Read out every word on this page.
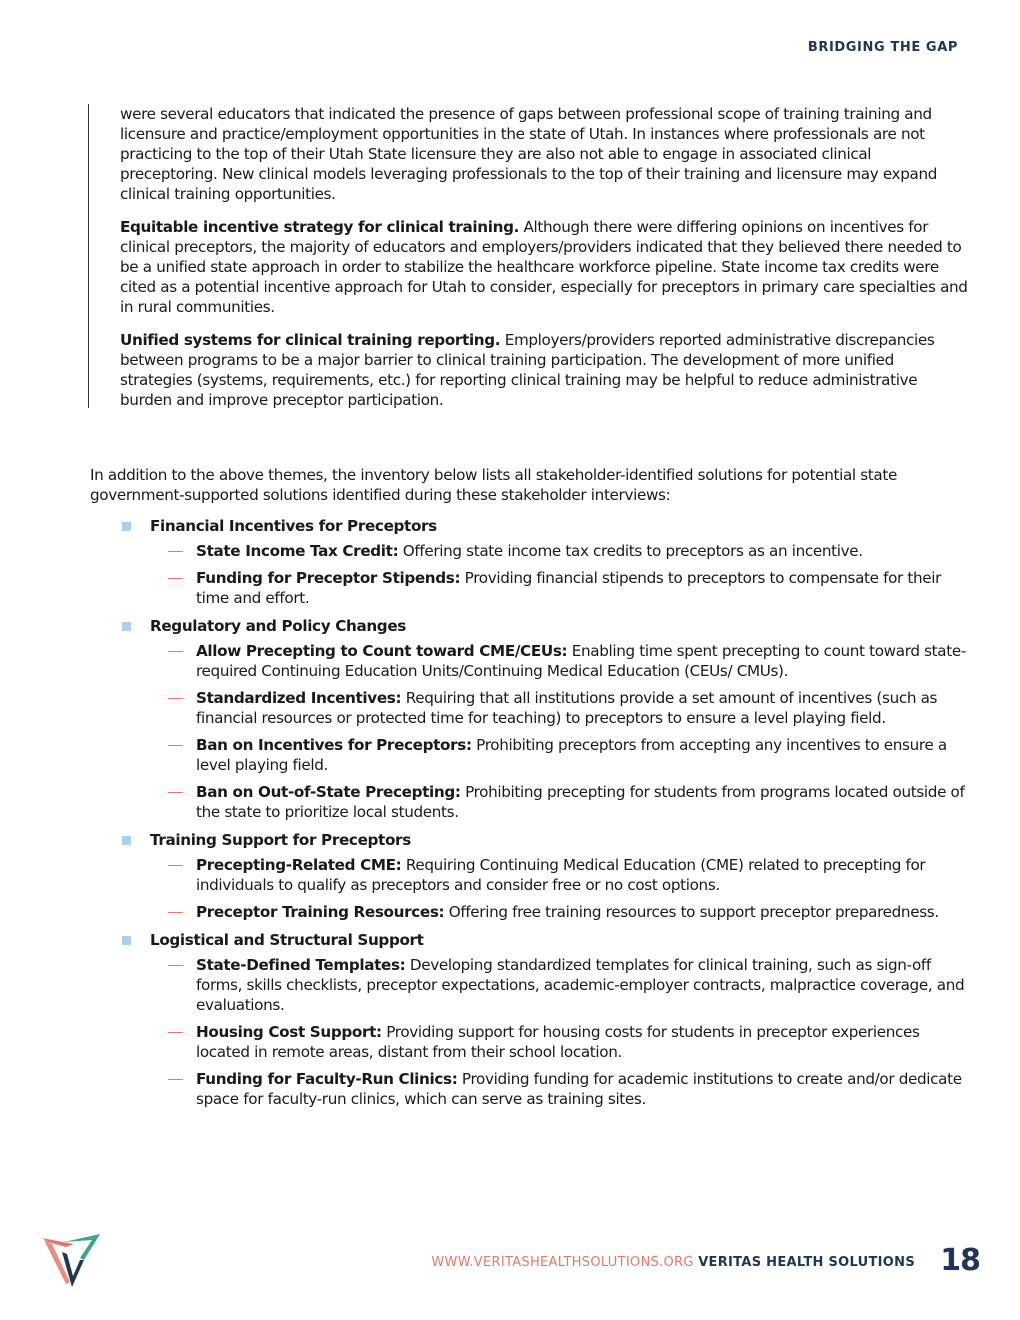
BRIDGING THE GAP

were several educators that indicated the presence of gaps between professional scope of training training and licensure and practice/employment opportunities in the state of Utah. In instances where professionals are not practicing to the top of their Utah State licensure they are also not able to engage in associated clinical preceptoring. New clinical models leveraging professionals to the top of their training and licensure may expand clinical training opportunities.

Equitable incentive strategy for clinical training. Although there were differing opinions on incentives for clinical preceptors, the majority of educators and employers/providers indicated that they believed there needed to be a unified state approach in order to stabilize the healthcare workforce pipeline. State income tax credits were cited as a potential incentive approach for Utah to consider, especially for preceptors in primary care specialties and in rural communities.

Unified systems for clinical training reporting. Employers/providers reported administrative discrepancies between programs to be a major barrier to clinical training participation. The development of more unified strategies (systems, requirements, etc.) for reporting clinical training may be helpful to reduce administrative burden and improve preceptor participation.

In addition to the above themes, the inventory below lists all stakeholder-identified solutions for potential state government-supported solutions identified during these stakeholder interviews:

Financial Incentives for Preceptors
State Income Tax Credit: Offering state income tax credits to preceptors as an incentive.
Funding for Preceptor Stipends: Providing financial stipends to preceptors to compensate for their time and effort.
Regulatory and Policy Changes
Allow Precepting to Count toward CME/CEUs: Enabling time spent precepting to count toward state-required Continuing Education Units/Continuing Medical Education (CEUs/ CMUs).
Standardized Incentives: Requiring that all institutions provide a set amount of incentives (such as financial resources or protected time for teaching) to preceptors to ensure a level playing field.
Ban on Incentives for Preceptors: Prohibiting preceptors from accepting any incentives to ensure a level playing field.
Ban on Out-of-State Precepting: Prohibiting precepting for students from programs located outside of the state to prioritize local students.
Training Support for Preceptors
Precepting-Related CME: Requiring Continuing Medical Education (CME) related to precepting for individuals to qualify as preceptors and consider free or no cost options.
Preceptor Training Resources: Offering free training resources to support preceptor preparedness.
Logistical and Structural Support
State-Defined Templates: Developing standardized templates for clinical training, such as sign-off forms, skills checklists, preceptor expectations, academic-employer contracts, malpractice coverage, and evaluations.
Housing Cost Support: Providing support for housing costs for students in preceptor experiences located in remote areas, distant from their school location.
Funding for Faculty-Run Clinics: Providing funding for academic institutions to create and/or dedicate space for faculty-run clinics, which can serve as training sites.
WWW.VERITASHEALTHSOLUTIONS.ORG VERITAS HEALTH SOLUTIONS 18
